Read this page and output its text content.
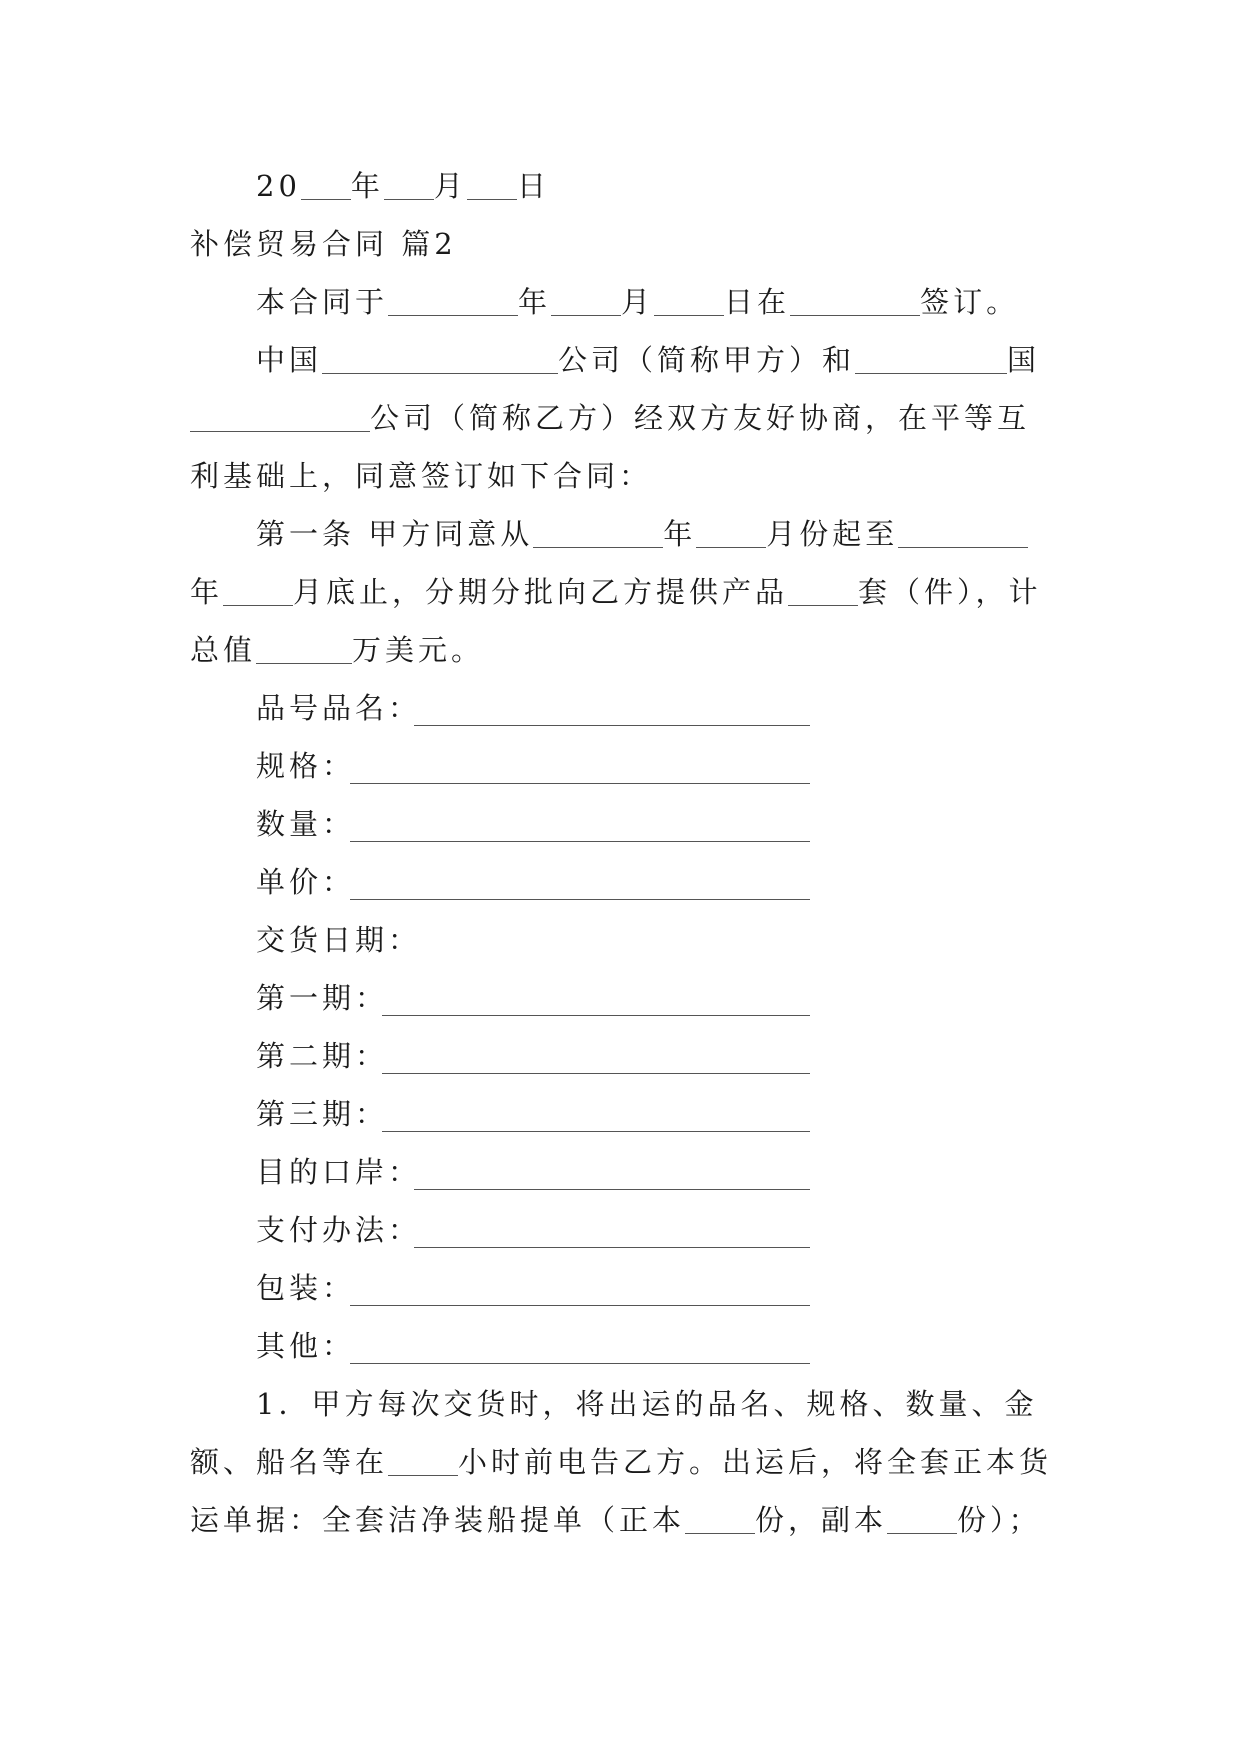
20 年 月 日
补偿贸易合同 篇2
本合同于	年 月 日在	签订。
中国	公司（简称甲方）和	国
公司（简称乙方）经双方友好协商，在平等互
利基础上，同意签订如下合同：
第一条 甲方同意从	年 月份起至
年 月底止，分期分批向乙方提供产品 套（件），计
总值	万美元。
品号品名：
规格：
数量：
单价：
交货日期：
第一期：
第二期：
第三期：
目的口岸：
支付办法：
包装：
其他：
1．甲方每次交货时，将出运的品名、规格、数量、金
额、船名等在 小时前电告乙方。出运后，将全套正本货
运单据：全套洁净装船提单（正本 份，副本 份）；
